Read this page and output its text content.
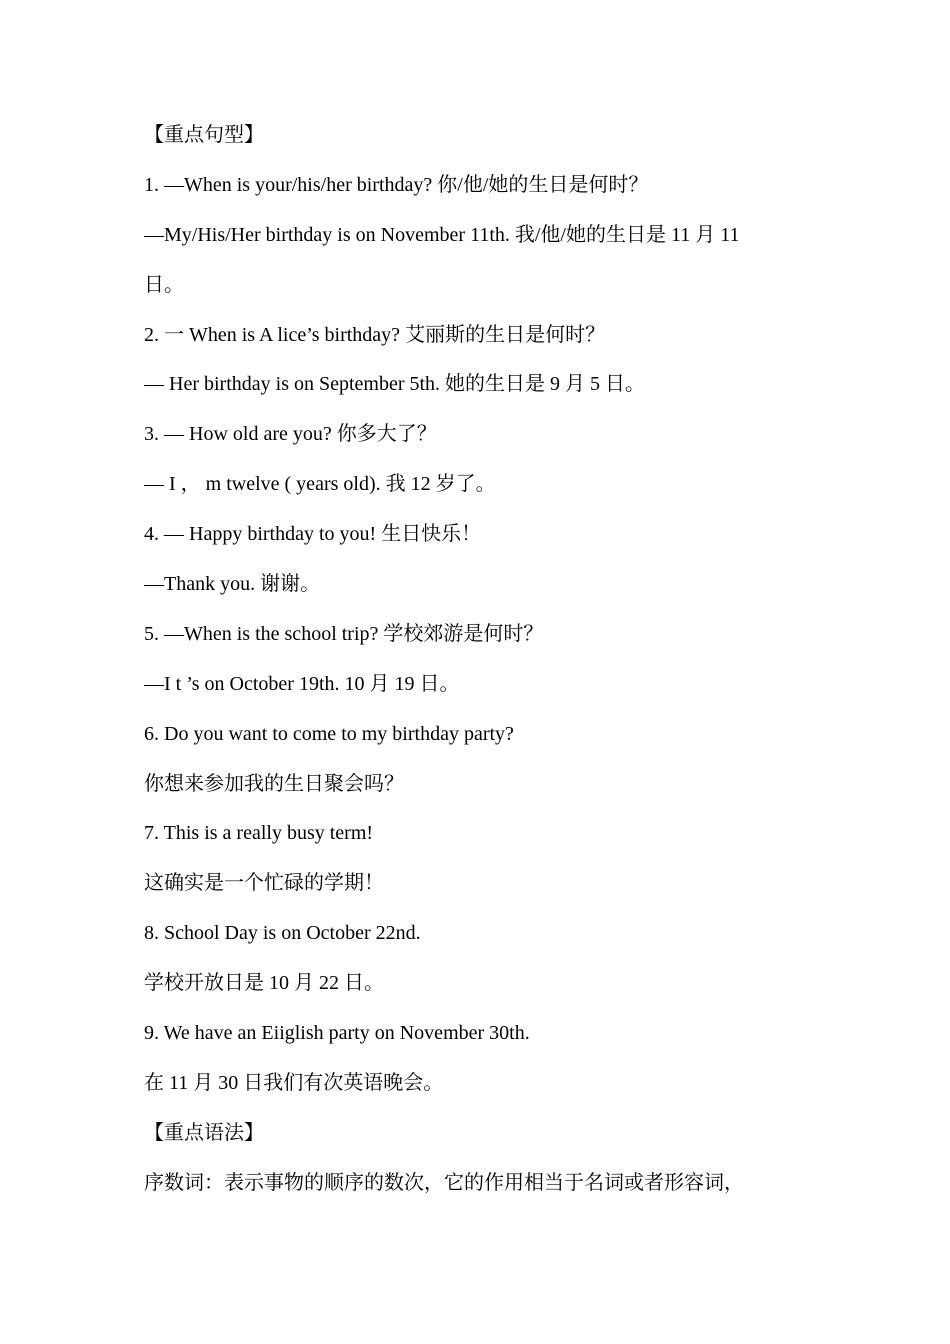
【重点句型】
1. —When is your/his/her birthday? 你/他/她的生日是何时？
—My/His/Her birthday is on November 11th. 我/他/她的生日是 11 月 11
日。
2. 一 When is A lice’s birthday? 艾丽斯的生日是何时？
— Her birthday is on September 5th. 她的生日是 9 月 5 日。
3. — How old are you? 你多大了？
— I ， m twelve ( years old). 我 12 岁了。
4. — Happy birthday to you! 生日快乐！
—Thank you. 谢谢。
5. —When is the school trip? 学校郊游是何时？
—I t ’s on October 19th. 10 月 19 日。
6. Do you want to come to my birthday party?
你想来参加我的生日聚会吗？
7. This is a really busy term!
这确实是一个忙碌的学期！
8. School Day is on October 22nd.
学校开放日是 10 月 22 日。
9. We have an Eiiglish party on November 30th.
在 11 月 30 日我们有次英语晚会。
【重点语法】
序数词：表示事物的顺序的数次，它的作用相当于名词或者形容词，
